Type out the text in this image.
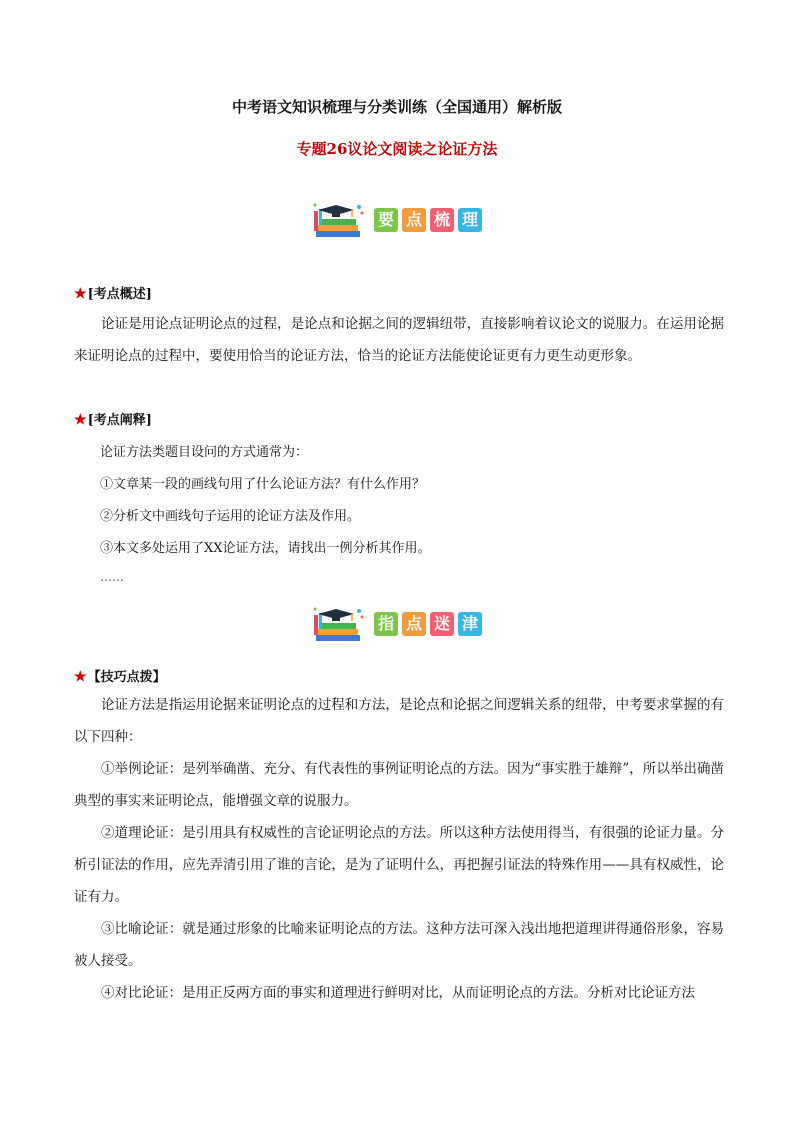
中考语文知识梳理与分类训练（全国通用）解析版
专题26议论文阅读之论证方法
要 点 梳 理
★[考点概述]
论证是用论点证明论点的过程，是论点和论据之间的逻辑纽带，直接影响着议论文的说服力。在运用论据来证明论点的过程中，要使用恰当的论证方法，恰当的论证方法能使论证更有力更生动更形象。
★[考点阐释]
论证方法类题目设问的方式通常为：
①文章某一段的画线句用了什么论证方法？有什么作用？
②分析文中画线句子运用的论证方法及作用。
③本文多处运用了XX论证方法，请找出一例分析其作用。
……
指 点 迷 津
★【技巧点拨】
论证方法是指运用论据来证明论点的过程和方法，是论点和论据之间逻辑关系的纽带，中考要求掌握的有以下四种：
①举例论证：是列举确凿、充分、有代表性的事例证明论点的方法。因为“事实胜于雄辩”，所以举出确凿典型的事实来证明论点，能增强文章的说服力。
②道理论证：是引用具有权威性的言论证明论点的方法。所以这种方法使用得当，有很强的论证力量。分析引证法的作用，应先弄清引用了谁的言论，是为了证明什么，再把握引证法的特殊作用——具有权威性，论证有力。
③比喻论证：就是通过形象的比喻来证明论点的方法。这种方法可深入浅出地把道理讲得通俗形象，容易被人接受。
④对比论证：是用正反两方面的事实和道理进行鲜明对比，从而证明论点的方法。分析对比论证方法
